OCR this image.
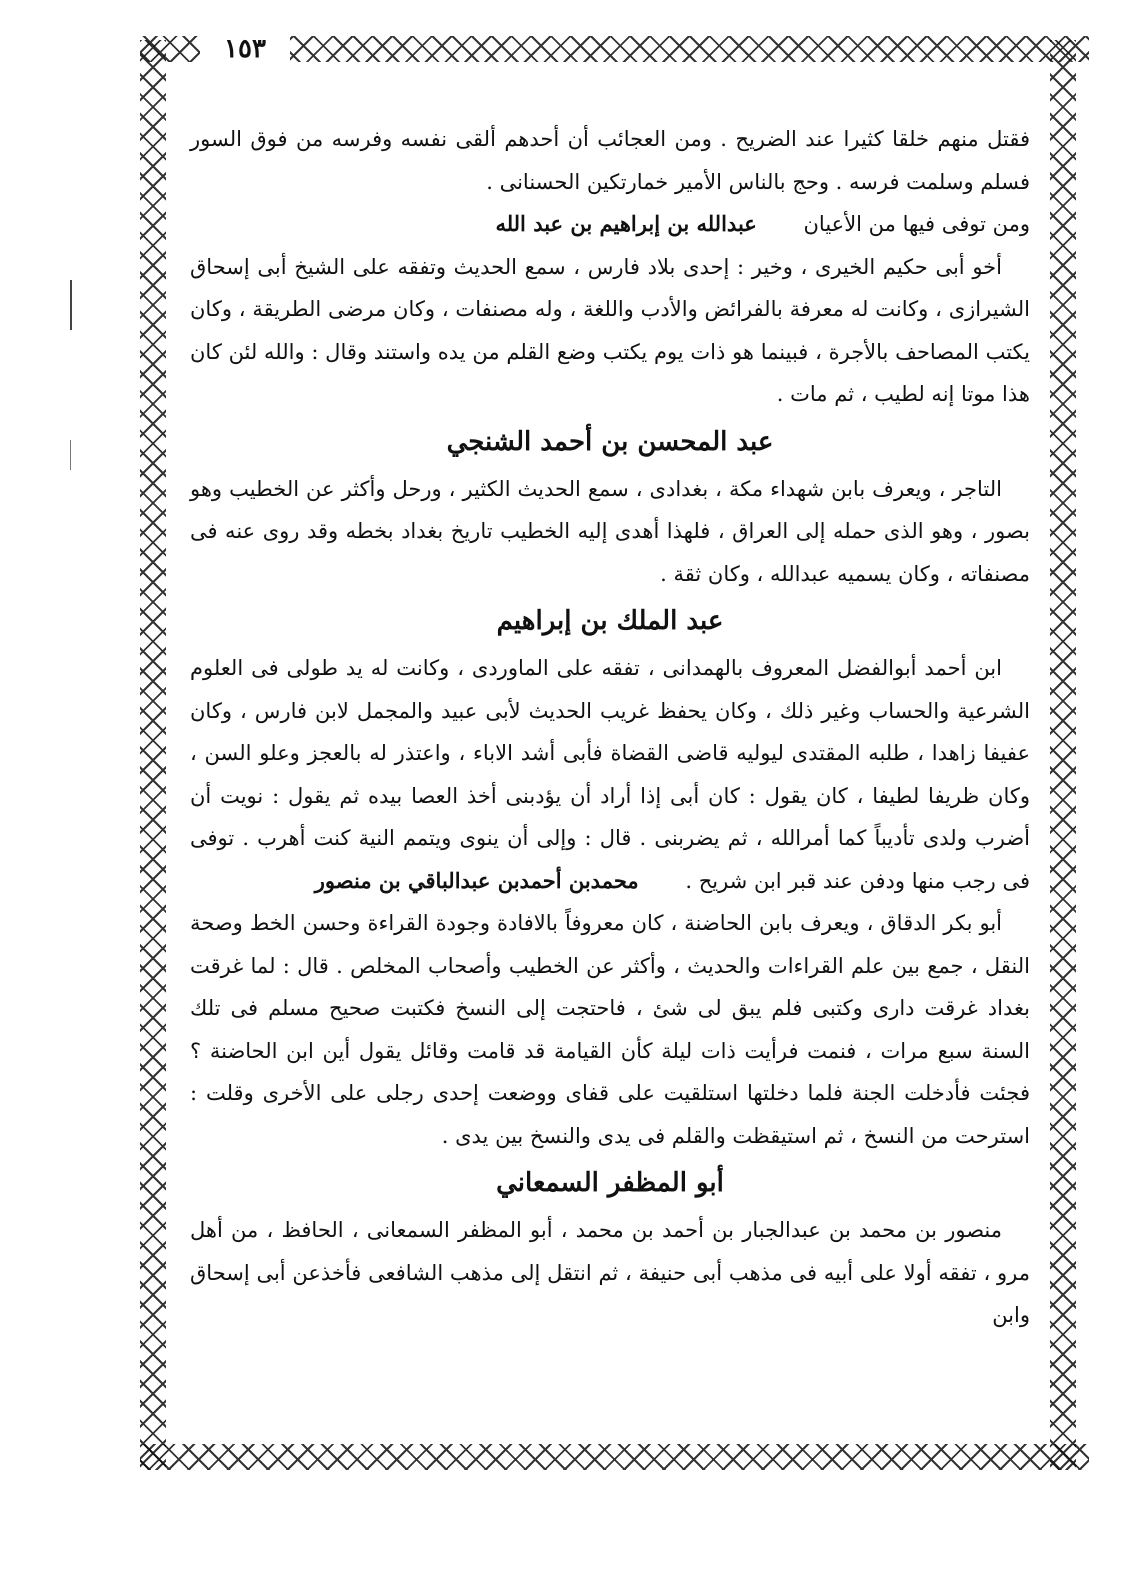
١٥٣

فقتل منهم خلقا كثيرا عند الضريح . ومن العجائب أن أحدهم ألقى نفسه وفرسه من فوق السور فسلم وسلمت فرسه . وحج بالناس الأمير خمارتكين الحسنانى .

ومن توفى فيها من الأعيان عبدالله بن إبراهيم بن عبد الله

أخو أبى حكيم الخيرى ، وخير : إحدى بلاد فارس ، سمع الحديث وتفقه على الشيخ أبى إسحاق الشيرازى ، وكانت له معرفة بالفرائض والأدب واللغة ، وله مصنفات ، وكان مرضى الطريقة ، وكان يكتب المصاحف بالأجرة ، فبينما هو ذات يوم يكتب وضع القلم من يده واستند وقال : والله لئن كان هذا موتا إنه لطيب ، ثم مات .

عبد المحسن بن أحمد الشنجي

التاجر ، ويعرف بابن شهداء مكة ، بغدادى ، سمع الحديث الكثير ، ورحل وأكثر عن الخطيب وهو بصور ، وهو الذى حمله إلى العراق ، فلهذا أهدى إليه الخطيب تاريخ بغداد بخطه وقد روى عنه فى مصنفاته ، وكان يسميه عبدالله ، وكان ثقة .

عبد الملك بن إبراهيم

ابن أحمد أبوالفضل المعروف بالهمدانى ، تفقه على الماوردى ، وكانت له يد طولى فى العلوم الشرعية والحساب وغير ذلك ، وكان يحفظ غريب الحديث لأبى عبيد والمجمل لابن فارس ، وكان عفيفا زاهدا ، طلبه المقتدى ليوليه قاضى القضاة فأبى أشد الاباء ، واعتذر له بالعجز وعلو السن ، وكان ظريفا لطيفا ، كان يقول : كان أبى إذا أراد أن يؤدبنى أخذ العصا بيده ثم يقول : نويت أن أضرب ولدى تأديباً كما أمرالله ، ثم يضربنى . قال : وإلى أن ينوى ويتمم النية كنت أهرب . توفى فى رجب منها ودفن عند قبر ابن شريح . محمدبن أحمدبن عبدالباقي بن منصور

أبو بكر الدقاق ، ويعرف بابن الحاضنة ، كان معروفاً بالافادة وجودة القراءة وحسن الخط وصحة النقل ، جمع بين علم القراءات والحديث ، وأكثر عن الخطيب وأصحاب المخلص . قال : لما غرقت بغداد غرقت دارى وكتبى فلم يبق لى شئ ، فاحتجت إلى النسخ فكتبت صحيح مسلم فى تلك السنة سبع مرات ، فنمت فرأيت ذات ليلة كأن القيامة قد قامت وقائل يقول أين ابن الحاضنة ؟ فجئت فأدخلت الجنة فلما دخلتها استلقيت على قفاى ووضعت إحدى رجلى على الأخرى وقلت : استرحت من النسخ ، ثم استيقظت والقلم فى يدى والنسخ بين يدى .

أبو المظفر السمعاني

منصور بن محمد بن عبدالجبار بن أحمد بن محمد ، أبو المظفر السمعانى ، الحافظ ، من أهل مرو ، تفقه أولا على أبيه فى مذهب أبى حنيفة ، ثم انتقل إلى مذهب الشافعى فأخذعن أبى إسحاق وابن
